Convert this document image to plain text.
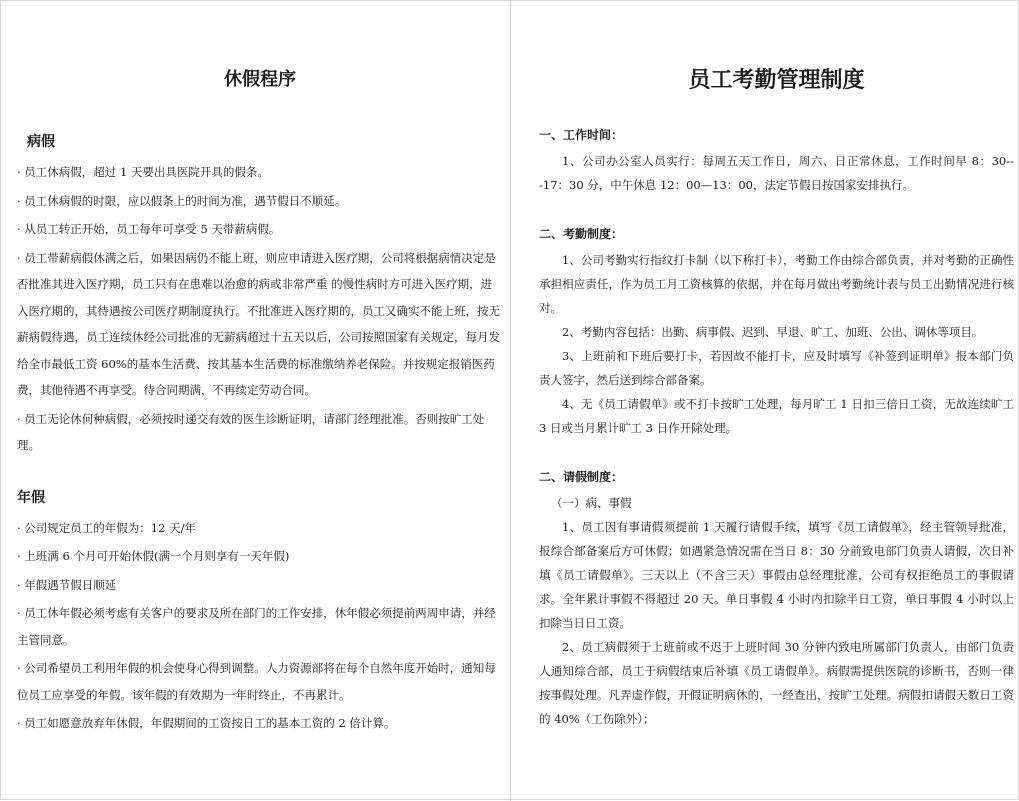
休假程序
病假

· 员工休病假，超过 1 天要出具医院开具的假条。

· 员工休病假的时限，应以假条上的时间为准，遇节假日不顺延。

· 从员工转正开始，员工每年可享受 5 天带薪病假。

· 员工带薪病假休满之后，如果因病仍不能上班，则应申请进入医疗期，公司将根据病情决定是否批准其进入医疗期，员工只有在患难以治愈的病或非常严重 的慢性病时方可进入医疗期，进入医疗期的，其待遇按公司医疗期制度执行。不批准进入医疗期的，员工又确实不能上班，按无薪病假待遇，员工连续休经公司批准的无薪病超过十五天以后，公司按照国家有关规定，每月发给全市最低工资 60%的基本生活费、按其基本生活费的标准缴纳养老保险。并按规定报销医药费，其他待遇不再享受。待合同期满，不再续定劳动合同。

· 员工无论休何种病假，必须按时递交有效的医生诊断证明，请部门经理批准。否则按旷工处理。

年假

· 公司规定员工的年假为：12 天/年

· 上班满 6 个月可开始休假(满一个月则享有一天年假)

· 年假遇节假日顺延

· 员工休年假必须考虑有关客户的要求及所在部门的工作安排，休年假必须提前两周申请，并经主管同意。

· 公司希望员工利用年假的机会使身心得到调整。人力资源部将在每个自然年度开始时，通知每位员工应享受的年假。该年假的有效期为一年时终止，不再累计。

· 员工如愿意放弃年休假，年假期间的工资按日工的基本工资的 2 倍计算。

员工考勤管理制度
一、工作时间：

1、公司办公室人员实行：每周五天工作日，周六、日正常休息，工作时间早 8：30---17：30 分，中午休息 12：00—13：00，法定节假日按国家安排执行。

二、考勤制度：

1、公司考勤实行指纹打卡制（以下称打卡），考勤工作由综合部负责，并对考勤的正确性承担相应责任，作为员工月工资核算的依据，并在每月做出考勤统计表与员工出勤情况进行核对。

2、考勤内容包括：出勤、病事假、迟到、早退、旷工、加班、公出、调休等项目。

3、上班前和下班后要打卡，若因故不能打卡，应及时填写《补签到证明单》报本部门负责人签字，然后送到综合部备案。

4、无《员工请假单》或不打卡按旷工处理，每月旷工 1 日扣三倍日工资，无故连续旷工 3 日或当月累计旷工 3 日作开除处理。

二、请假制度：

（一）病、事假

1、员工因有事请假须提前 1 天履行请假手续，填写《员工请假单》，经主管领导批准，报综合部备案后方可休假；如遇紧急情况需在当日 8：30 分前致电部门负责人请假，次日补填《员工请假单》。三天以上（不含三天）事假由总经理批准，公司有权拒绝员工的事假请求。全年累计事假不得超过 20 天。单日事假 4 小时内扣除半日工资，单日事假 4 小时以上扣除当日日工资。

2、员工病假须于上班前或不迟于上班时间 30 分钟内致电所属部门负责人，由部门负责人通知综合部，员工于病假结束后补填《员工请假单》。病假需提供医院的诊断书，否则一律按事假处理。凡弄虚作假，开假证明病休的，一经查出，按旷工处理。病假扣请假天数日工资的 40%（工伤除外）；
